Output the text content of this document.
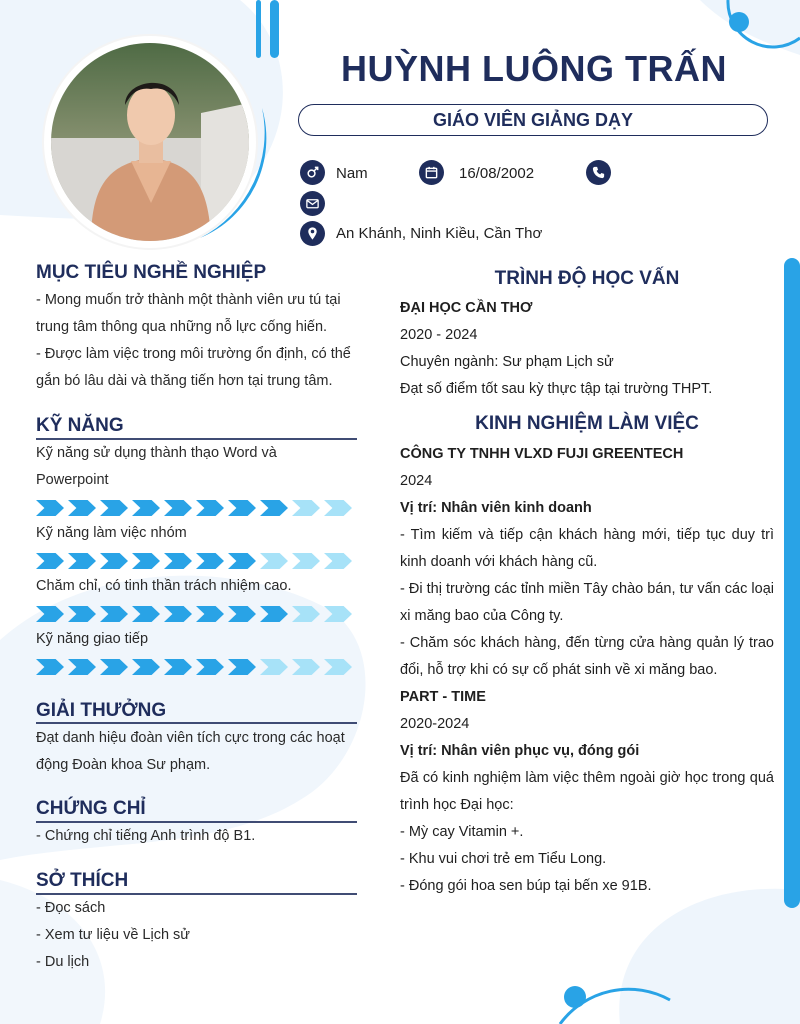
HUỲNH LUÔNG TRẤN
GIÁO VIÊN GIẢNG DẠY
Nam	16/08/2002
An Khánh, Ninh Kiều, Cần Thơ
MỤC TIÊU NGHỀ NGHIỆP
- Mong muốn trở thành một thành viên ưu tú tại trung tâm thông qua những nỗ lực cống hiến.
- Được làm việc trong môi trường ổn định, có thể gắn bó lâu dài và thăng tiến hơn tại trung tâm.
KỸ NĂNG
Kỹ năng sử dụng thành thạo Word và Powerpoint
Kỹ năng làm việc nhóm
Chăm chỉ, có tinh thần trách nhiệm cao.
Kỹ năng giao tiếp
GIẢI THƯỞNG
Đạt danh hiệu đoàn viên tích cực trong các hoạt động Đoàn khoa Sư phạm.
CHỨNG CHỈ
- Chứng chỉ tiếng Anh trình độ B1.
SỞ THÍCH
- Đọc sách
- Xem tư liệu về Lịch sử
- Du lịch
TRÌNH ĐỘ HỌC VẤN

ĐẠI HỌC CẦN THƠ

2020 - 2024

Chuyên ngành: Sư phạm Lịch sử

Đạt số điểm tốt sau kỳ thực tập tại trường THPT.

KINH NGHIỆM LÀM VIỆC

CÔNG TY TNHH VLXD FUJI GREENTECH

2024

Vị trí: Nhân viên kinh doanh

- Tìm kiếm và tiếp cận khách hàng mới, tiếp tục duy trì kinh doanh với khách hàng cũ.

- Đi thị trường các tỉnh miền Tây chào bán, tư vấn các loại xi măng bao của Công ty.

- Chăm sóc khách hàng, đến từng cửa hàng quản lý trao đổi, hỗ trợ khi có sự cố phát sinh về xi măng bao.

PART - TIME

2020-2024

Vị trí: Nhân viên phục vụ, đóng gói

Đã có kinh nghiệm làm việc thêm ngoài giờ học trong quá trình học Đại học:

- Mỳ cay Vitamin +.

- Khu vui chơi trẻ em Tiểu Long.

- Đóng gói hoa sen búp tại bến xe 91B.
